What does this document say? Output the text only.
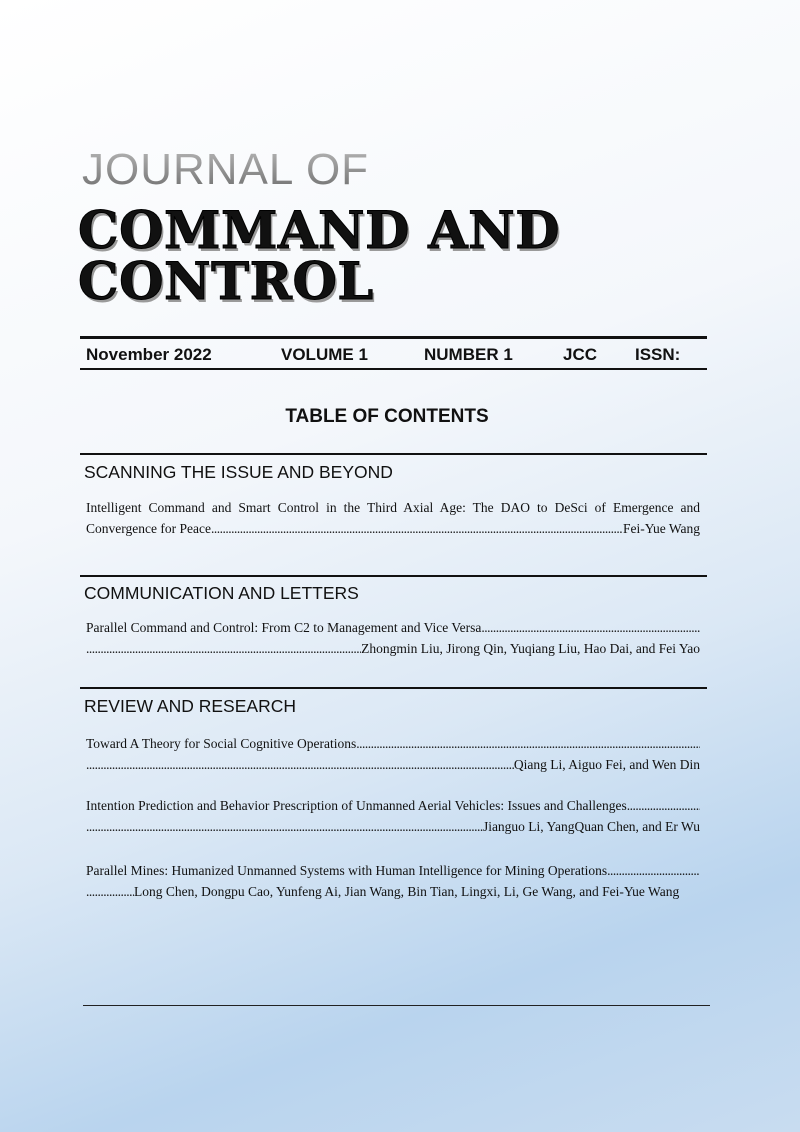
JOURNAL OF
COMMAND AND CONTROL
November 2022	VOLUME 1	NUMBER 1	JCC ISSN:
TABLE OF CONTENTS
SCANNING THE ISSUE AND BEYOND
Intelligent Command and Smart Control in the Third Axial Age: The DAO to DeSci of Emergence and
Convergence for Peace
.....	Fei-Yue Wang
COMMUNICATION AND LETTERS
Parallel Command and Control: From C2 to Management and Vice Versa
.....
.....
Zhongmin Liu, Jirong Qin, Yuqiang Liu, Hao Dai, and Fei Yao
REVIEW AND RESEARCH
Toward A Theory for Social Cognitive Operations
.....
.....
Qiang Li, Aiguo Fei, and Wen Din
Intention Prediction and Behavior Prescription of Unmanned Aerial Vehicles: Issues and Challenges
.....
.....
Jianguo Li, YangQuan Chen, and Er Wu
Parallel Mines: Humanized Unmanned Systems with Human Intelligence for Mining Operations
.....
.....
Long Chen, Dongpu Cao, Yunfeng Ai, Jian Wang, Bin Tian, Lingxi, Li, Ge Wang, and Fei-Yue Wang
